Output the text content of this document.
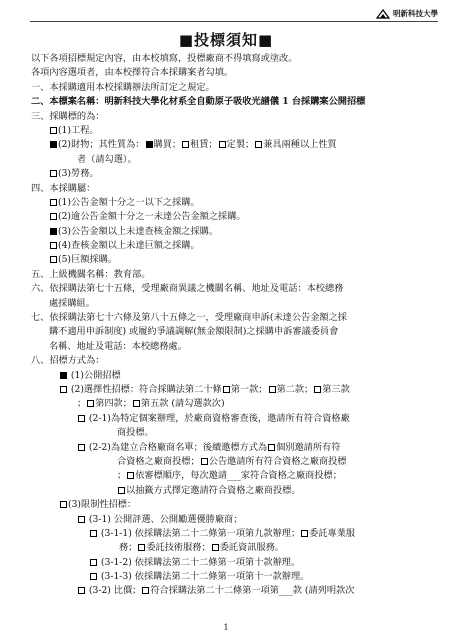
明新科技大學
■投標須知■
以下各項招標規定內容，由本校填寫，投標廠商不得填寫或塗改。
各項內容選項者，由本校擇符合本採購案者勾填。
一、本採購適用本校採購辦法所訂定之規定。
二、本標案名稱：明新科技大學化材系全自動原子吸收光譜儀 1 台採購案公開招標
三、採購標的為：
(1)工程。
(2)財物；其性質為： 購買； 租賃； 定製； 兼具兩種以上性質
者（請勾選）。
(3)勞務。
四、本採購屬：
(1)公告金額十分之一以下之採購。
(2)逾公告金額十分之一未達公告金額之採購。
(3)公告金額以上未達查核金額之採購。
(4)查核金額以上未達巨額之採購。
(5)巨額採購。
五、上級機關名稱：教育部。
六、依採購法第七十五條，受理廠商異議之機關名稱、地址及電話：本校總務
處採購組。
七、依採購法第七十六條及第八十五條之一，受理廠商申訴(未達公告金額之採
購不適用申訴制度) 或履約爭議調解(無金額限制)之採購申訴審議委員會
名稱、地址及電話：本校總務處。
八、招標方式為：
(1)公開招標
(2)選擇性招標：符合採購法第二十條 第一款； 第二款； 第三款
； 第四款； 第五款 (請勾選款次)
(2-1)為特定個案辦理，於廠商資格審查後，邀請所有符合資格廠
商投標。
(2-2)為建立合格廠商名單；後續邀標方式為 個別邀請所有符
合資格之廠商投標； 公告邀請所有符合資格之廠商投標
； 依審標順序，每次邀請___家符合資格之廠商投標；
以抽籤方式擇定邀請符合資格之廠商投標。
(3)限制性招標：
(3-1) 公開評選、公開勵選優勝廠商；
(3-1-1) 依採購法第二十二條第一項第九款辦理； 委託專業服
務； 委託技術服務； 委託資訊服務。
(3-1-2) 依採購法第二十二條第一項第十款辦理。
(3-1-3) 依採購法第二十二條第一項第十一款辦理。
(3-2) 比價； 符合採購法第二十二條第一項第___款 (請列明款次
1
